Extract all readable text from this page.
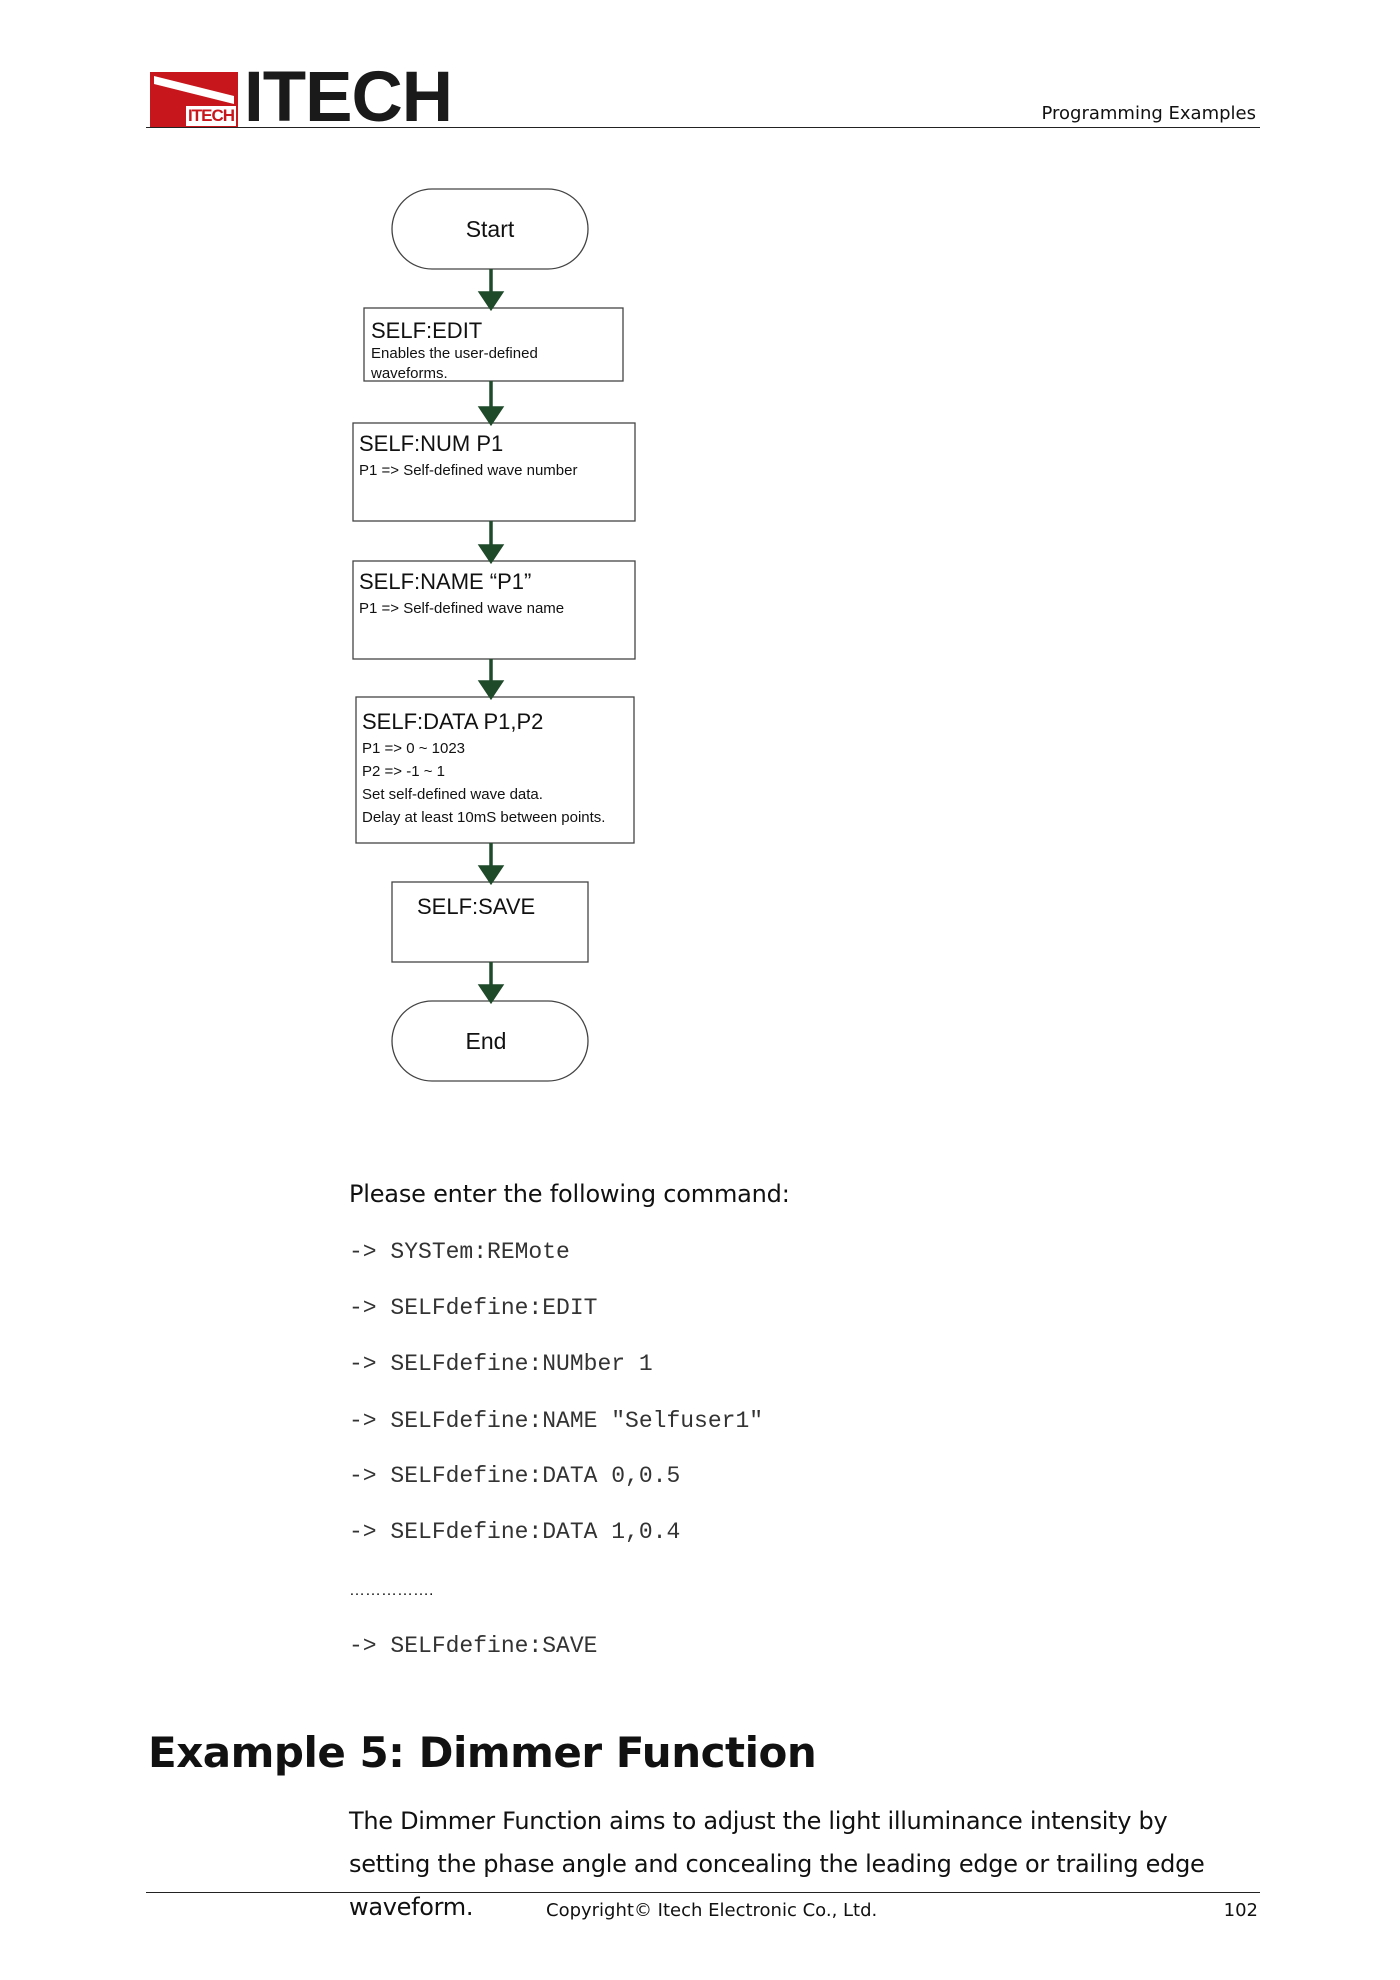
ITECH ITECH	Programming Examples
Start
SELF:EDIT
Enables the user-defined
waveforms.
SELF:NUM P1
P1 => Self-defined wave number
SELF:NAME “P1”
P1 => Self-defined wave name
SELF:DATA P1,P2
P1 => 0 ~ 1023
P2 => -1 ~ 1
Set self-defined wave data.
Delay at least 10mS between points.
SELF:SAVE
End
Please enter the following command:
-> SYSTem:REMote
-> SELFdefine:EDIT
-> SELFdefine:NUMber 1
-> SELFdefine:NAME "Selfuser1"
-> SELFdefine:DATA 0,0.5
-> SELFdefine:DATA 1,0.4
…………….
-> SELFdefine:SAVE
Example 5: Dimmer Function
The Dimmer Function aims to adjust the light illuminance intensity by setting the phase angle and concealing the leading edge or trailing edge waveform.	Copyright© Itech Electronic Co., Ltd.	102
